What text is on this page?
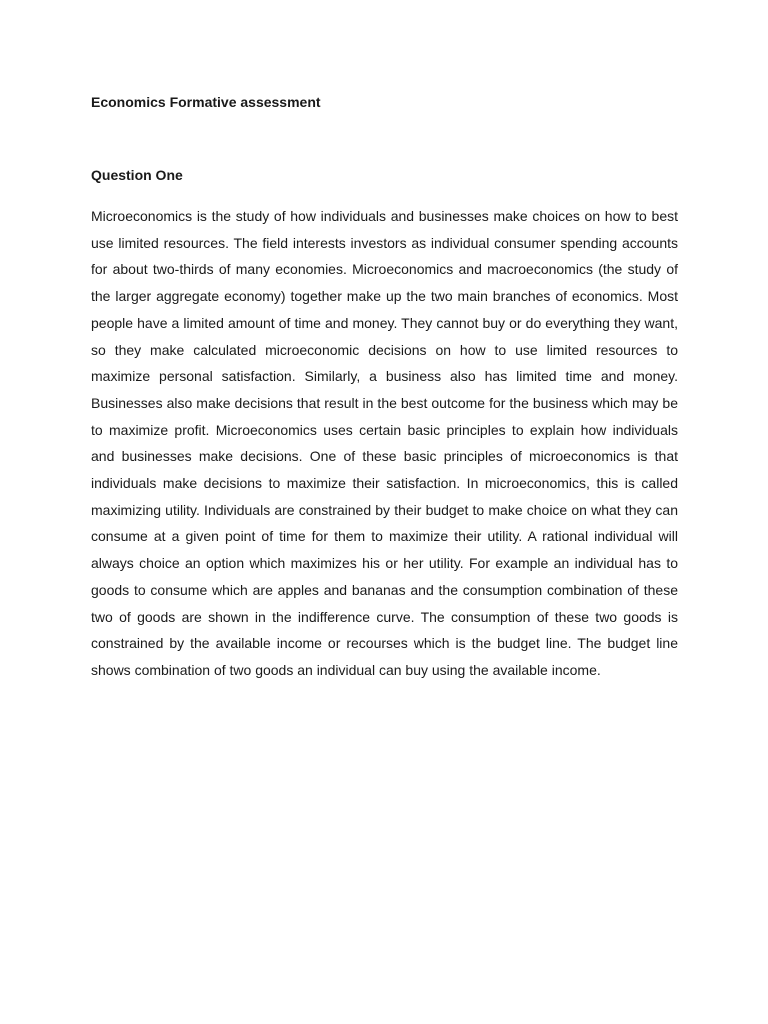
Economics Formative assessment
Question One

Microeconomics is the study of how individuals and businesses make choices on how to best use limited resources. The field interests investors as individual consumer spending accounts for about two-thirds of many economies. Microeconomics and macroeconomics (the study of the larger aggregate economy) together make up the two main branches of economics. Most people have a limited amount of time and money. They cannot buy or do everything they want, so they make calculated microeconomic decisions on how to use limited resources to maximize personal satisfaction. Similarly, a business also has limited time and money. Businesses also make decisions that result in the best outcome for the business which may be to maximize profit. Microeconomics uses certain basic principles to explain how individuals and businesses make decisions. One of these basic principles of microeconomics is that individuals make decisions to maximize their satisfaction. In microeconomics, this is called maximizing utility. Individuals are constrained by their budget to make choice on what they can consume at a given point of time for them to maximize their utility. A rational individual will always choice an option which maximizes his or her utility. For example an individual has to goods to consume which are apples and bananas and the consumption combination of these two of goods are shown in the indifference curve. The consumption of these two goods is constrained by the available income or recourses which is the budget line. The budget line shows combination of two goods an individual can buy using the available income.
